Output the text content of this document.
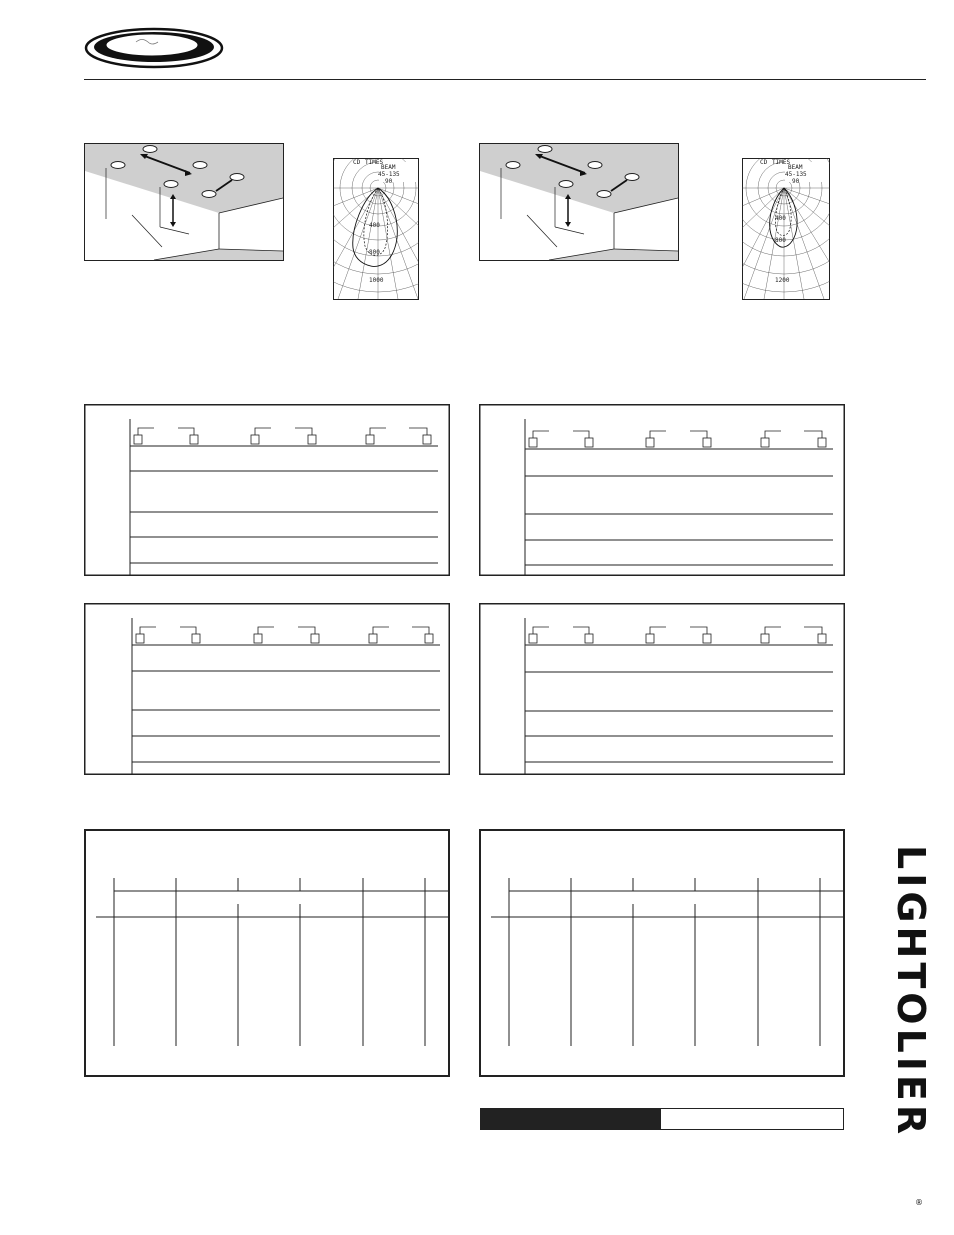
CD TIMES
BEAM
45-135
90
400
800
1000
CD TIMES
BEAM
45-135
90
400
800
1200
LIGHTOLIER
®
